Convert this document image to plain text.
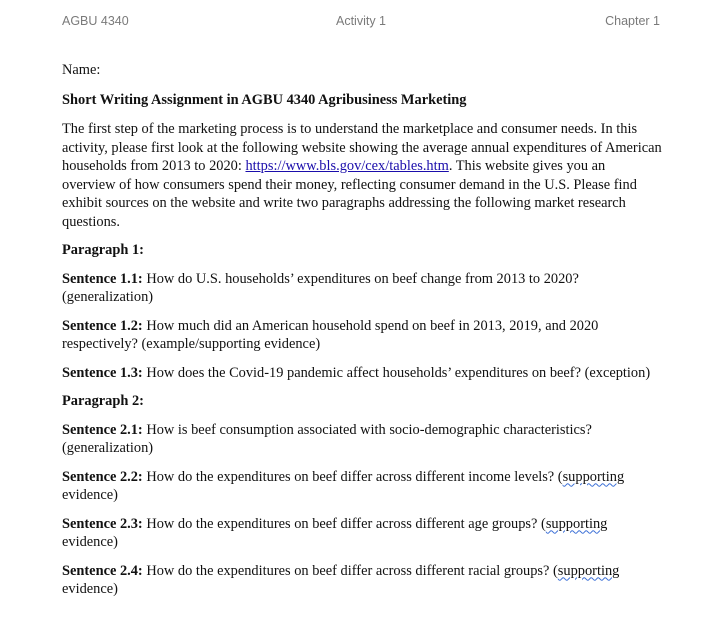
AGBU 4340	Activity 1	Chapter 1

Name:

Short Writing Assignment in AGBU 4340 Agribusiness Marketing

The first step of the marketing process is to understand the marketplace and consumer needs. In this activity, please first look at the following website showing the average annual expenditures of American households from 2013 to 2020: https://www.bls.gov/cex/tables.htm. This website gives you an overview of how consumers spend their money, reflecting consumer demand in the U.S. Please find exhibit sources on the website and write two paragraphs addressing the following market research questions.

Paragraph 1:

Sentence 1.1: How do U.S. households’ expenditures on beef change from 2013 to 2020? (generalization)

Sentence 1.2: How much did an American household spend on beef in 2013, 2019, and 2020 respectively? (example/supporting evidence)

Sentence 1.3: How does the Covid-19 pandemic affect households’ expenditures on beef? (exception)

Paragraph 2:

Sentence 2.1: How is beef consumption associated with socio-demographic characteristics? (generalization)

Sentence 2.2: How do the expenditures on beef differ across different income levels? (supporting evidence)

Sentence 2.3: How do the expenditures on beef differ across different age groups? (supporting evidence)

Sentence 2.4: How do the expenditures on beef differ across different racial groups? (supporting evidence)
